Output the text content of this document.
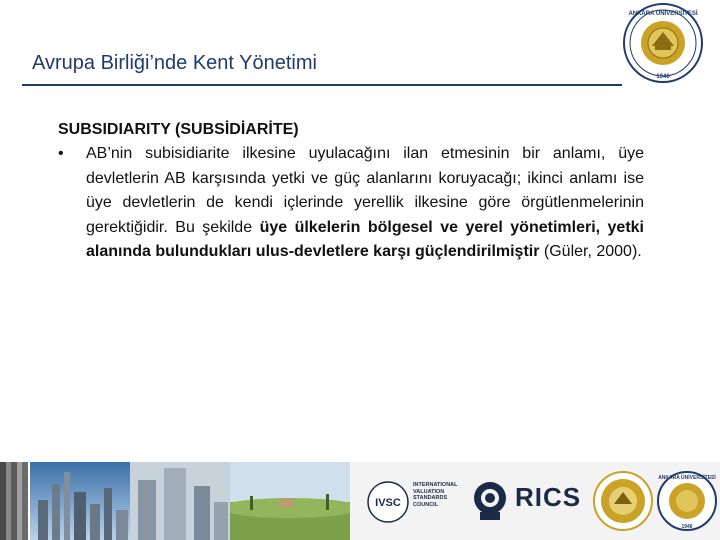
Avrupa Birliği’nde Kent Yönetimi
ANKARA ÜNİVERSİTESİ
1946
SUBSIDIARITY (SUBSİDİARİTE)
•	AB’nin subisidiarite ilkesine uyulacağını ilan etmesinin bir anlamı, üye devletlerin AB karşısında yetki ve güç alanlarını koruyacağı; ikinci anlamı ise üye devletlerin de kendi içlerinde yerellik ilkesine göre örgütlenmelerinin gerektiğidir. Bu şekilde üye ülkelerin bölgesel ve yerel yönetimleri, yetki alanında bulundukları ulus-devletlere karşı güçlendirilmiştir (Güler, 2000).
IVSC
INTERNATIONAL
VALUATION
STANDARDS
COUNCIL	RICS
ANKARA ÜNİVERSİTESİ
1946
